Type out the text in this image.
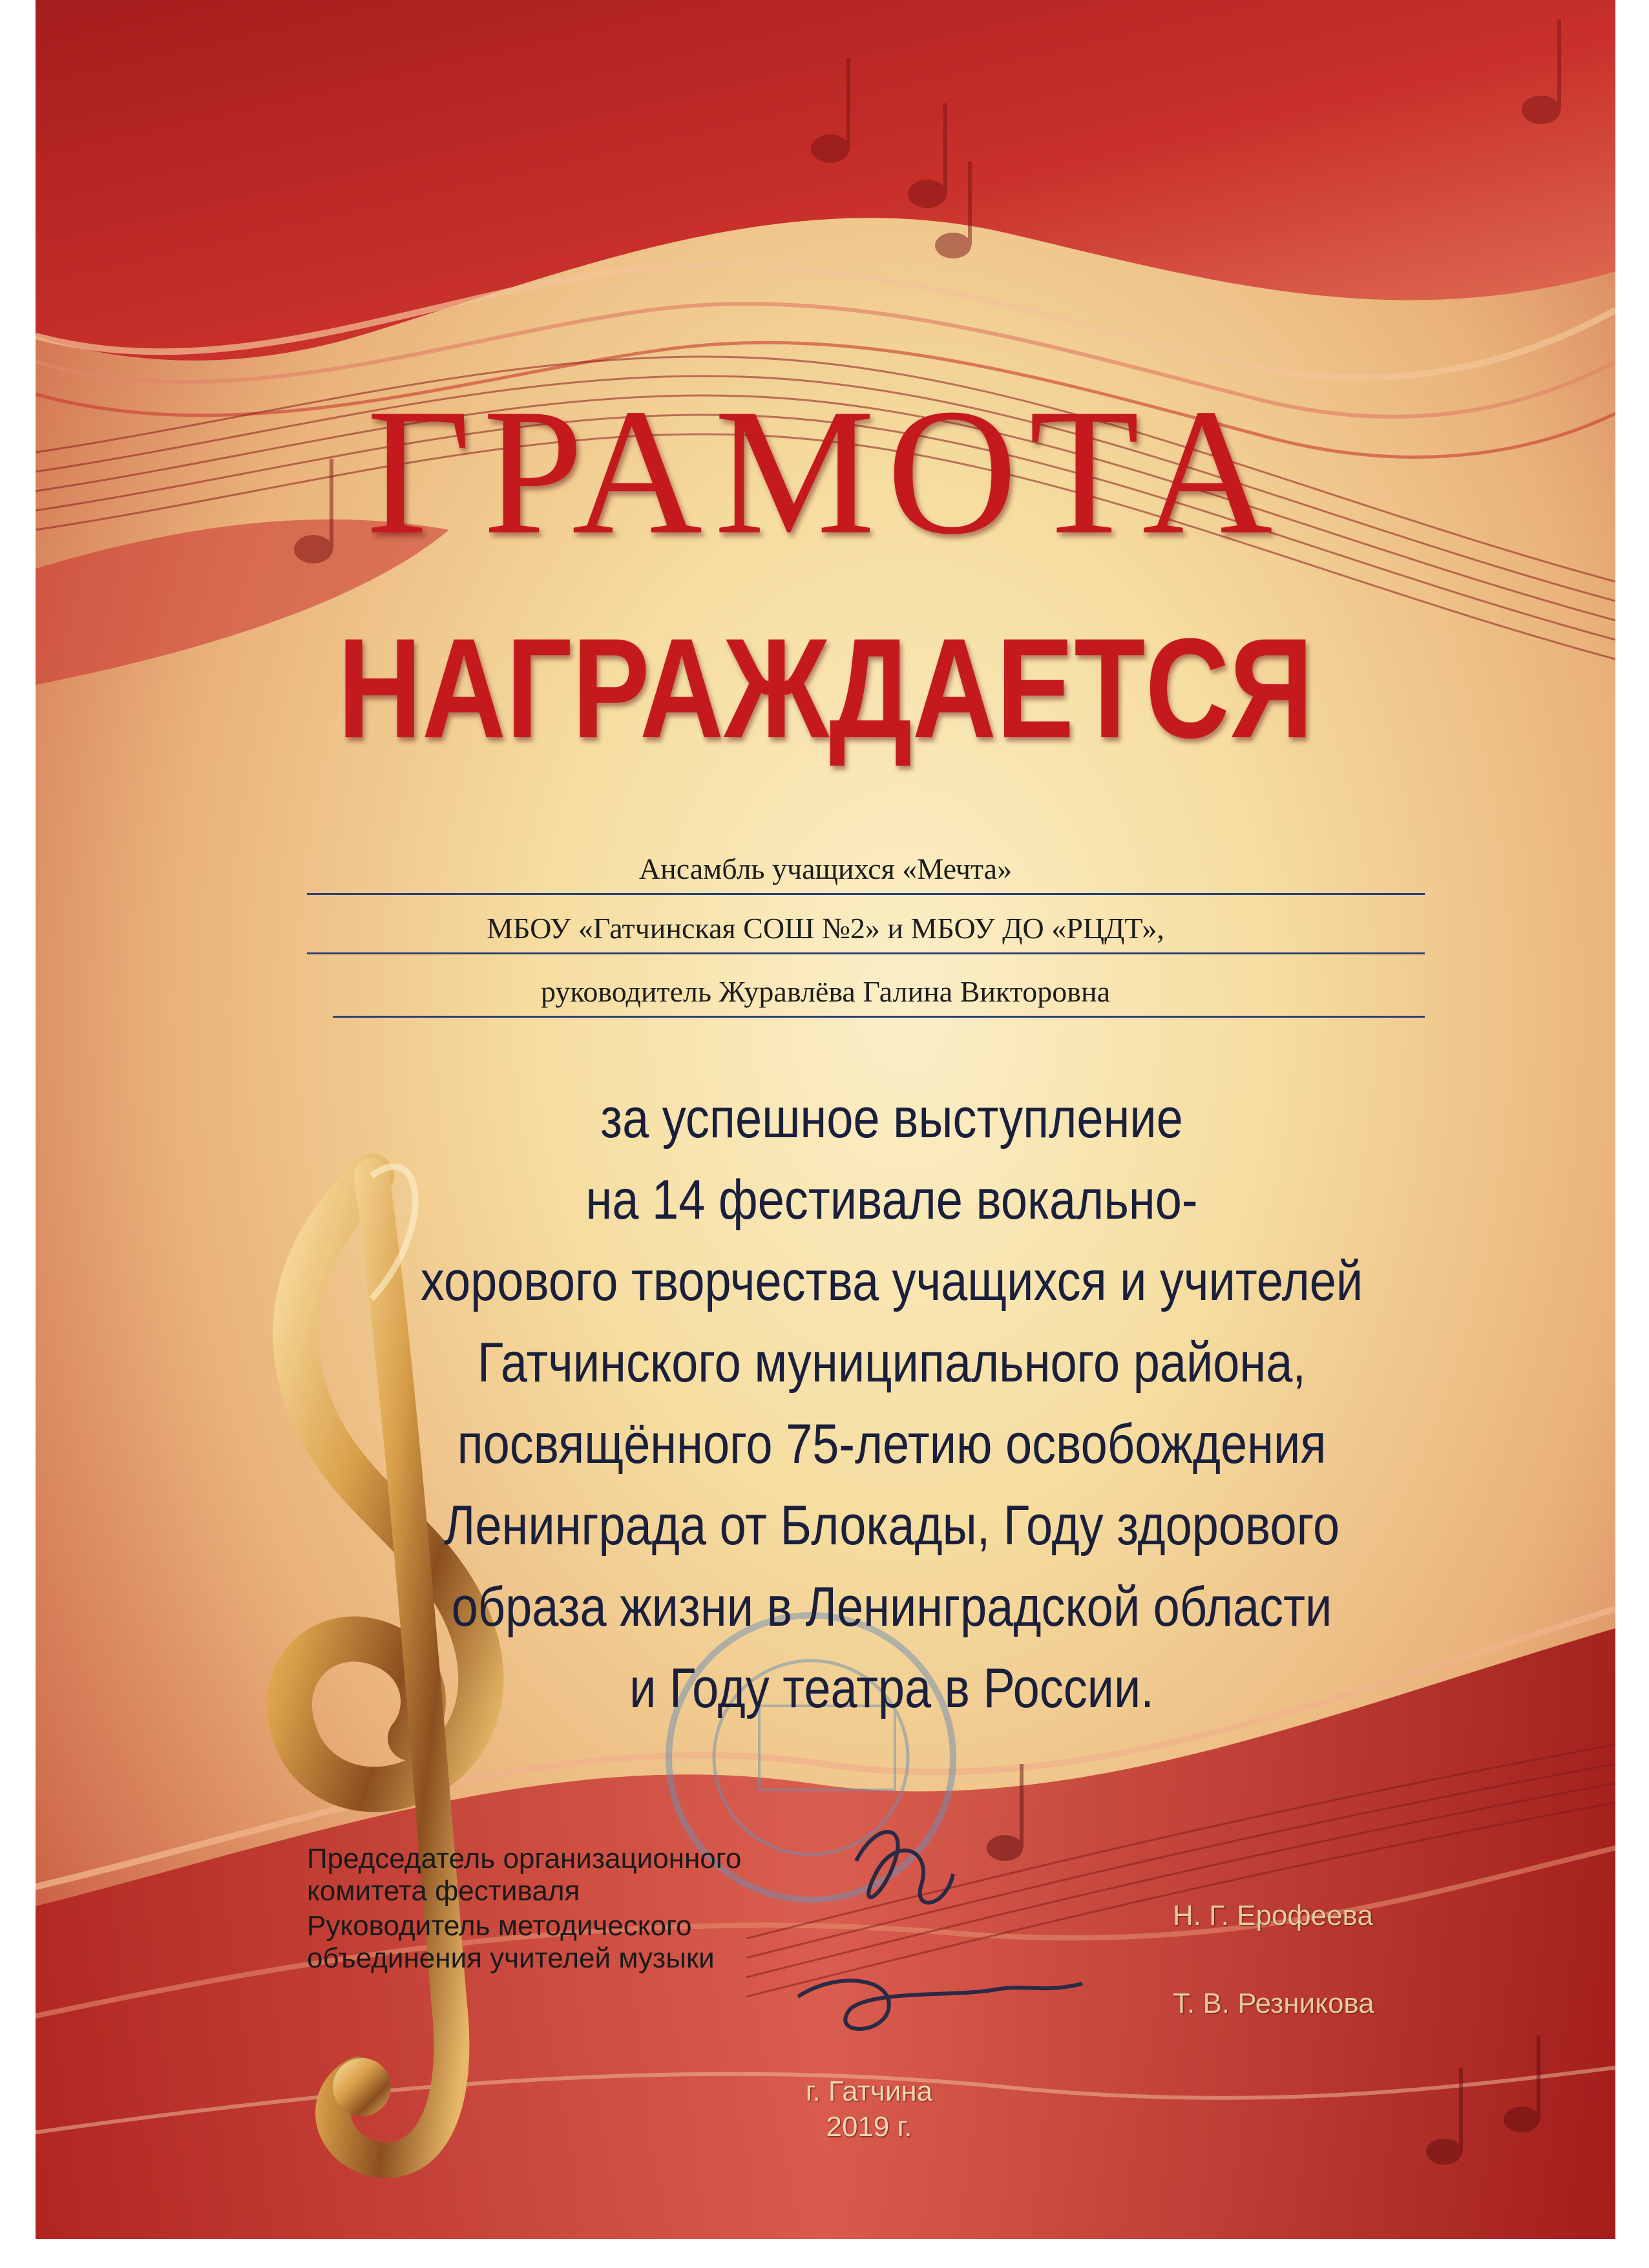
ГРАМОТА
НАГРАЖДАЕТСЯ
Ансамбль учащихся «Мечта»
МБОУ «Гатчинская СОШ №2» и МБОУ ДО «РЦДТ»,
руководитель Журавлёва Галина Викторовна
за успешное выступление
на 14 фестивале вокально-
хорового творчества учащихся и учителей
Гатчинского муниципального района,
посвящённого 75-летию освобождения
Ленинграда от Блокады, Году здорового
образа жизни в Ленинградской области
и Году театра в России.
Председатель организационного
комитета фестиваля
Н. Г. Ерофеева
Руководитель методического
объединения учителей музыки
Т. В. Резникова
г. Гатчина
2019 г.
